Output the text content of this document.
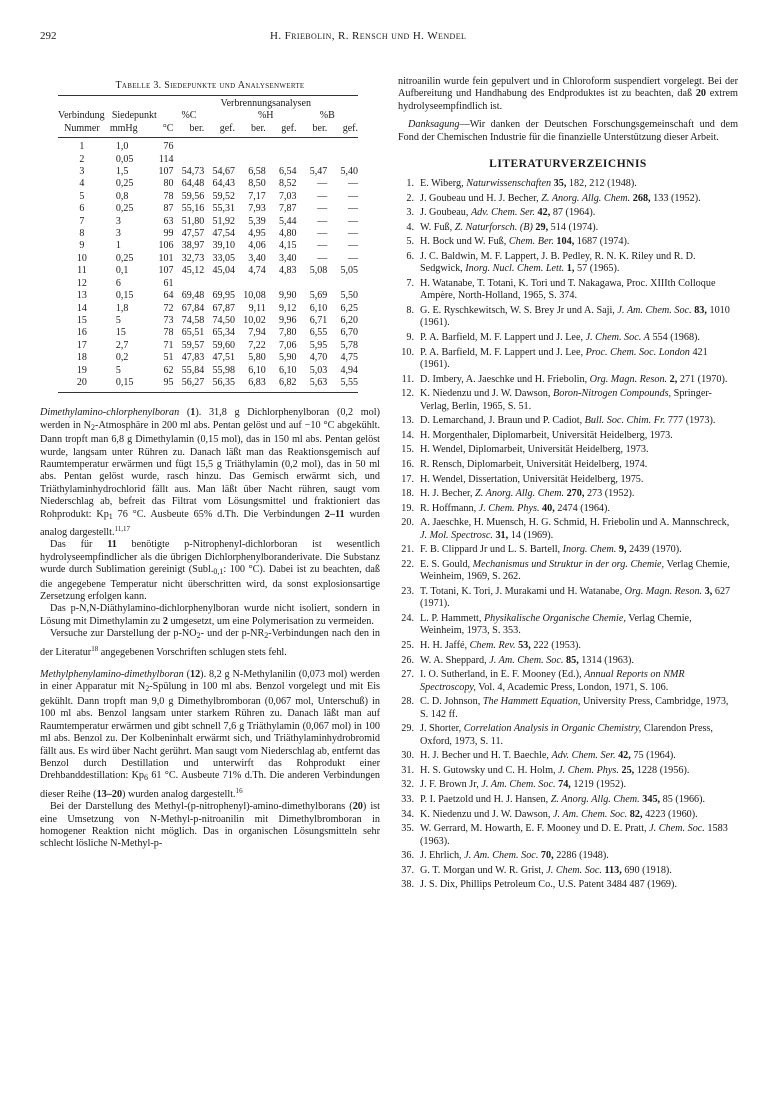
292	H. Friebolin, R. Rensch und H. Wendel
Tabelle 3. Siedepunkte und Analysenwerte
			Verbrennungsanalysen					
Verbindung	Siedepunkt		%C		%H		%B	
Nummer	mmHg	°C	ber.	gef.	ber.	gef.	ber.	gef.
1	1,0	76						
2	0,05	114						
3	1,5	107	54,73	54,67	6,58	6,54	5,47	5,40
4	0,25	80	64,48	64,43	8,50	8,52	—	—
5	0,8	78	59,56	59,52	7,17	7,03	—	—
6	0,25	87	55,16	55,31	7,93	7,87	—	—
7	3	63	51,80	51,92	5,39	5,44	—	—
8	3	99	47,57	47,54	4,95	4,80	—	—
9	1	106	38,97	39,10	4,06	4,15	—	—
10	0,25	101	32,73	33,05	3,40	3,40	—	—
11	0,1	107	45,12	45,04	4,74	4,83	5,08	5,05
12	6	61						
13	0,15	64	69,48	69,95	10,08	9,90	5,69	5,50
14	1,8	72	67,84	67,87	9,11	9,12	6,10	6,25
15	5	73	74,58	74,50	10,02	9,96	6,71	6,20
16	15	78	65,51	65,34	7,94	7,80	6,55	6,70
17	2,7	71	59,57	59,60	7,22	7,06	5,95	5,78
18	0,2	51	47,83	47,51	5,80	5,90	4,70	4,75
19	5	62	55,84	55,98	6,10	6,10	5,03	4,94
20	0,15	95	56,27	56,35	6,83	6,82	5,63	5,55

Dimethylamino-chlorphenylboran (1). 31,8 g Dichlorphenylboran (0,2 mol) werden in $N_2$-Atmosphäre in 200 ml abs. Pentan gelöst und auf −10 °C abgekühlt. Dann tropft man 6,8 g Dimethylamin (0,15 mol), das in 150 ml abs. Pentan gelöst wurde, langsam unter Rühren zu. Danach läßt man das Reaktionsgemisch auf Raumtemperatur erwärmen und fügt 15,5 g Triäthylamin (0,2 mol), das in 50 ml abs. Pentan gelöst wurde, rasch hinzu. Das Gemisch erwärmt sich, und Triäthylaminhydrochlorid fällt aus. Man läßt über Nacht rühren, saugt vom Niederschlag ab, befreit das Filtrat vom Lösungsmittel und fraktioniert das Rohprodukt: $Kp_1$ 76 °C. Ausbeute 65% d.Th. Die Verbindungen 2–11 wurden analog dargestellt.$^{11,17}$

Das für 11 benötigte p-Nitrophenyl-dichlorboran ist wesentlich hydrolyseempfindlicher als die übrigen Dichlorphenylboranderivate. Die Substanz wurde durch Sublimation gereinigt ($Subl._{0,1}$: 100 °C). Dabei ist zu beachten, daß die angegebene Temperatur nicht überschritten wird, da sonst explosionsartige Zersetzung erfolgen kann.

Das p-N,N-Diäthylamino-dichlorphenylboran wurde nicht isoliert, sondern in Lösung mit Dimethylamin zu 2 umgesetzt, um eine Polymerisation zu vermeiden.

Versuche zur Darstellung der $p-NO_2-$ und der $p-NR_2$-Verbindungen nach den in der Literatur$^{18}$ angegebenen Vorschriften schlugen stets fehl.

Methylphenylamino-dimethylboran (12). 8,2 g N-Methylanilin (0,073 mol) werden in einer Apparatur mit $N_2$-Spülung in 100 ml abs. Benzol vorgelegt und mit Eis gekühlt. Dann tropft man 9,0 g Dimethylbromboran (0,067 mol, Unterschuß) in 100 ml abs. Benzol langsam unter starkem Rühren zu. Danach läßt man auf Raumtemperatur erwärmen und gibt schnell 7,6 g Triäthylamin (0,067 mol) in 100 ml abs. Benzol zu. Der Kolbeninhalt erwärmt sich, und Triäthylaminhydrobromid fällt aus. Es wird über Nacht gerührt. Man saugt vom Niederschlag ab, entfernt das Benzol durch Destillation und unterwirft das Rohprodukt einer Drehbanddestillation: $Kp_6$ 61 °C. Ausbeute 71% d.Th. Die anderen Verbindungen dieser Reihe (13–20) wurden analog dargestellt.$^{16}$

Bei der Darstellung des Methyl-(p-nitrophenyl)-amino-dimethylborans (20) ist eine Umsetzung von N-Methyl-p-nitroanilin mit Dimethylbromboran in homogener Reaktion nicht möglich. Das in organischen Lösungsmitteln sehr schlecht lösliche N-Methyl-p-

nitroanilin wurde fein gepulvert und in Chloroform suspendiert vorgelegt. Bei der Aufbereitung und Handhabung des Endproduktes ist zu beachten, daß 20 extrem hydrolyseempfindlich ist.

Danksagung—Wir danken der Deutschen Forschungsgemeinschaft und dem Fond der Chemischen Industrie für die finanzielle Unterstützung dieser Arbeit.

LITERATURVERZEICHNIS
1. E. Wiberg, Naturwissenschaften 35, 182, 212 (1948).
2. J. Goubeau und H. J. Becher, Z. Anorg. Allg. Chem. 268, 133 (1952).
3. J. Goubeau, Adv. Chem. Ser. 42, 87 (1964).
4. W. Fuß, Z. Naturforsch. (B) 29, 514 (1974).
5. H. Bock und W. Fuß, Chem. Ber. 104, 1687 (1974).
6. J. C. Baldwin, M. F. Lappert, J. B. Pedley, R. N. K. Riley und R. D. Sedgwick, Inorg. Nucl. Chem. Lett. 1, 57 (1965).
7. H. Watanabe, T. Totani, K. Tori und T. Nakagawa, Proc. XIIIth Colloque Ampère, North-Holland, 1965, S. 374.
8. G. E. Ryschkewitsch, W. S. Brey Jr und A. Saji, J. Am. Chem. Soc. 83, 1010 (1961).
9. P. A. Barfield, M. F. Lappert und J. Lee, J. Chem. Soc. A 554 (1968).
10. P. A. Barfield, M. F. Lappert und J. Lee, Proc. Chem. Soc. London 421 (1961).
11. D. Imbery, A. Jaeschke und H. Friebolin, Org. Magn. Reson. 2, 271 (1970).
12. K. Niedenzu und J. W. Dawson, Boron-Nitrogen Compounds, Springer-Verlag, Berlin, 1965, S. 51.
13. D. Lemarchand, J. Braun und P. Cadiot, Bull. Soc. Chim. Fr. 777 (1973).
14. H. Morgenthaler, Diplomarbeit, Universität Heidelberg, 1973.
15. H. Wendel, Diplomarbeit, Universität Heidelberg, 1973.
16. R. Rensch, Diplomarbeit, Universität Heidelberg, 1974.
17. H. Wendel, Dissertation, Universität Heidelberg, 1975.
18. H. J. Becher, Z. Anorg. Allg. Chem. 270, 273 (1952).
19. R. Hoffmann, J. Chem. Phys. 40, 2474 (1964).
20. A. Jaeschke, H. Muensch, H. G. Schmid, H. Friebolin und A. Mannschreck, J. Mol. Spectrosc. 31, 14 (1969).
21. F. B. Clippard Jr und L. S. Bartell, Inorg. Chem. 9, 2439 (1970).
22. E. S. Gould, Mechanismus und Struktur in der org. Chemie, Verlag Chemie, Weinheim, 1969, S. 262.
23. T. Totani, K. Tori, J. Murakami und H. Watanabe, Org. Magn. Reson. 3, 627 (1971).
24. L. P. Hammett, Physikalische Organische Chemie, Verlag Chemie, Weinheim, 1973, S. 353.
25. H. H. Jaffé, Chem. Rev. 53, 222 (1953).
26. W. A. Sheppard, J. Am. Chem. Soc. 85, 1314 (1963).
27. I. O. Sutherland, in E. F. Mooney (Ed.), Annual Reports on NMR Spectroscopy, Vol. 4, Academic Press, London, 1971, S. 106.
28. C. D. Johnson, The Hammett Equation, University Press, Cambridge, 1973, S. 142 ff.
29. J. Shorter, Correlation Analysis in Organic Chemistry, Clarendon Press, Oxford, 1973, S. 11.
30. H. J. Becher und H. T. Baechle, Adv. Chem. Ser. 42, 75 (1964).
31. H. S. Gutowsky und C. H. Holm, J. Chem. Phys. 25, 1228 (1956).
32. J. F. Brown Jr, J. Am. Chem. Soc. 74, 1219 (1952).
33. P. I. Paetzold und H. J. Hansen, Z. Anorg. Allg. Chem. 345, 85 (1966).
34. K. Niedenzu und J. W. Dawson, J. Am. Chem. Soc. 82, 4223 (1960).
35. W. Gerrard, M. Howarth, E. F. Mooney und D. E. Pratt, J. Chem. Soc. 1583 (1963).
36. J. Ehrlich, J. Am. Chem. Soc. 70, 2286 (1948).
37. G. T. Morgan und W. R. Grist, J. Chem. Soc. 113, 690 (1918).
38. J. S. Dix, Phillips Petroleum Co., U.S. Patent 3484 487 (1969).
